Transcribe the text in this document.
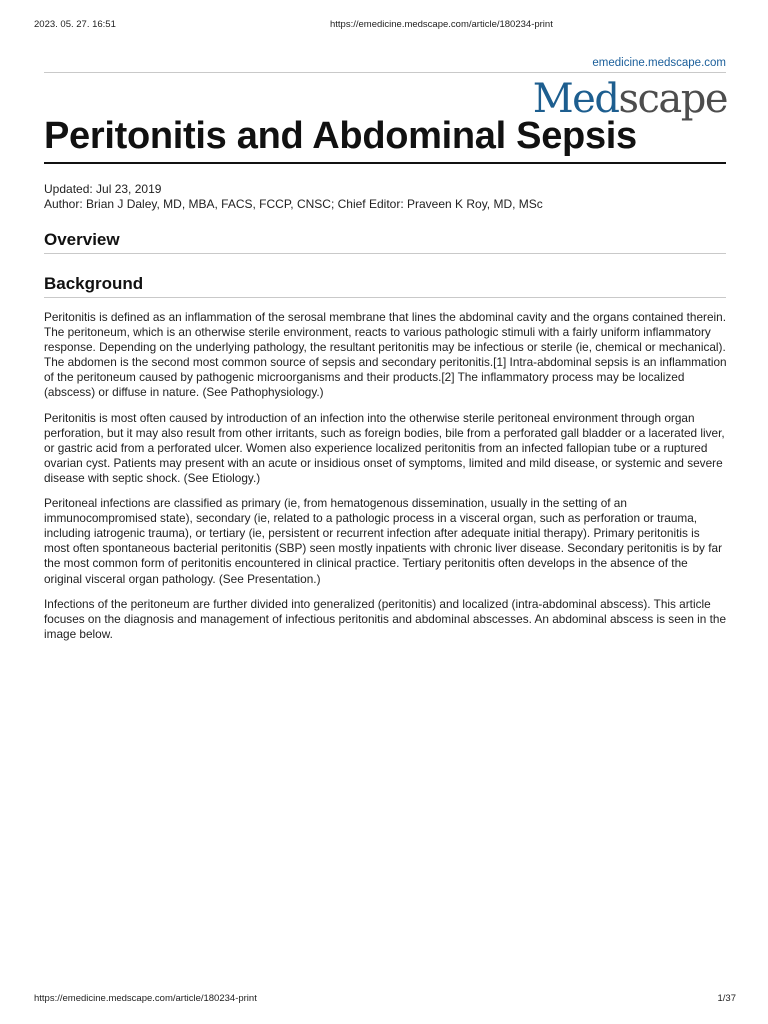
2023. 05. 27. 16:51	https://emedicine.medscape.com/article/180234-print
emedicine.medscape.com
Medscape
Peritonitis and Abdominal Sepsis
Updated: Jul 23, 2019
Author: Brian J Daley, MD, MBA, FACS, FCCP, CNSC; Chief Editor: Praveen K Roy, MD, MSc
Overview
Background

Peritonitis is defined as an inflammation of the serosal membrane that lines the abdominal cavity and the organs contained therein. The peritoneum, which is an otherwise sterile environment, reacts to various pathologic stimuli with a fairly uniform inflammatory response. Depending on the underlying pathology, the resultant peritonitis may be infectious or sterile (ie, chemical or mechanical). The abdomen is the second most common source of sepsis and secondary peritonitis.[1] Intra-abdominal sepsis is an inflammation of the peritoneum caused by pathogenic microorganisms and their products.[2] The inflammatory process may be localized (abscess) or diffuse in nature. (See Pathophysiology.)

Peritonitis is most often caused by introduction of an infection into the otherwise sterile peritoneal environment through organ perforation, but it may also result from other irritants, such as foreign bodies, bile from a perforated gall bladder or a lacerated liver, or gastric acid from a perforated ulcer. Women also experience localized peritonitis from an infected fallopian tube or a ruptured ovarian cyst. Patients may present with an acute or insidious onset of symptoms, limited and mild disease, or systemic and severe disease with septic shock. (See Etiology.)

Peritoneal infections are classified as primary (ie, from hematogenous dissemination, usually in the setting of an immunocompromised state), secondary (ie, related to a pathologic process in a visceral organ, such as perforation or trauma, including iatrogenic trauma), or tertiary (ie, persistent or recurrent infection after adequate initial therapy). Primary peritonitis is most often spontaneous bacterial peritonitis (SBP) seen mostly inpatients with chronic liver disease. Secondary peritonitis is by far the most common form of peritonitis encountered in clinical practice. Tertiary peritonitis often develops in the absence of the original visceral organ pathology. (See Presentation.)

Infections of the peritoneum are further divided into generalized (peritonitis) and localized (intra-abdominal abscess). This article focuses on the diagnosis and management of infectious peritonitis and abdominal abscesses. An abdominal abscess is seen in the image below.

https://emedicine.medscape.com/article/180234-print	1/37
